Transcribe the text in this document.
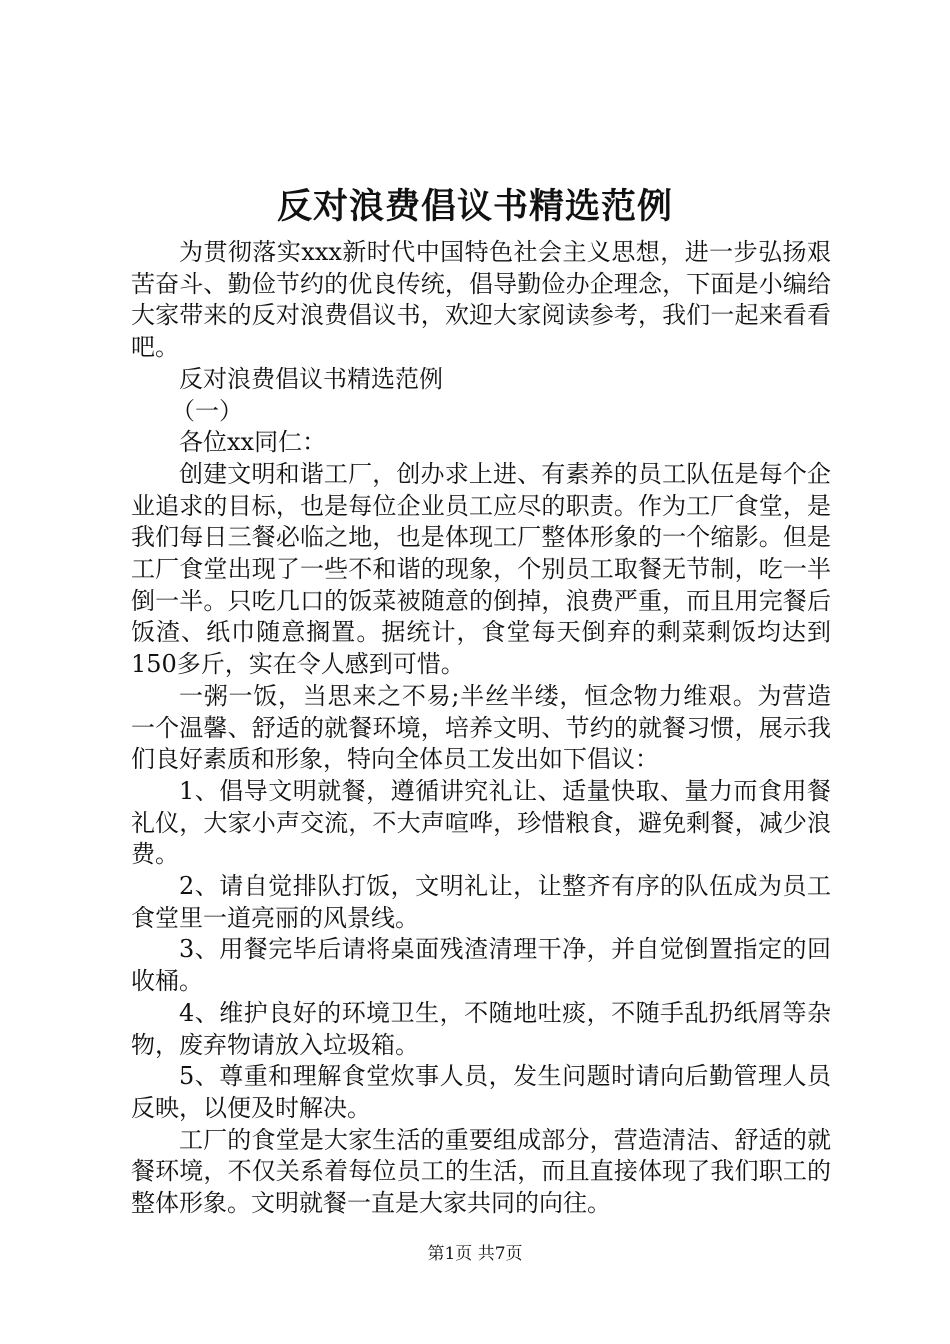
反对浪费倡议书精选范例

为贯彻落实xxx新时代中国特色社会主义思想，进一步弘扬艰苦奋斗、勤俭节约的优良传统，倡导勤俭办企理念，下面是小编给大家带来的反对浪费倡议书，欢迎大家阅读参考，我们一起来看看吧。

反对浪费倡议书精选范例

（一）

各位xx同仁：

创建文明和谐工厂，创办求上进、有素养的员工队伍是每个企业追求的目标，也是每位企业员工应尽的职责。作为工厂食堂，是我们每日三餐必临之地，也是体现工厂整体形象的一个缩影。但是工厂食堂出现了一些不和谐的现象，个别员工取餐无节制，吃一半倒一半。只吃几口的饭菜被随意的倒掉，浪费严重，而且用完餐后饭渣、纸巾随意搁置。据统计，食堂每天倒弃的剩菜剩饭均达到150多斤，实在令人感到可惜。

一粥一饭，当思来之不易;半丝半缕，恒念物力维艰。为营造一个温馨、舒适的就餐环境，培养文明、节约的就餐习惯，展示我们良好素质和形象，特向全体员工发出如下倡议：

1、倡导文明就餐，遵循讲究礼让、适量快取、量力而食用餐礼仪，大家小声交流，不大声喧哗，珍惜粮食，避免剩餐，减少浪费。

2、请自觉排队打饭，文明礼让，让整齐有序的队伍成为员工食堂里一道亮丽的风景线。

3、用餐完毕后请将桌面残渣清理干净，并自觉倒置指定的回收桶。

4、维护良好的环境卫生，不随地吐痰，不随手乱扔纸屑等杂物，废弃物请放入垃圾箱。

5、尊重和理解食堂炊事人员，发生问题时请向后勤管理人员反映，以便及时解决。

工厂的食堂是大家生活的重要组成部分，营造清洁、舒适的就餐环境，不仅关系着每位员工的生活，而且直接体现了我们职工的整体形象。文明就餐一直是大家共同的向往。

第1页 共7页
